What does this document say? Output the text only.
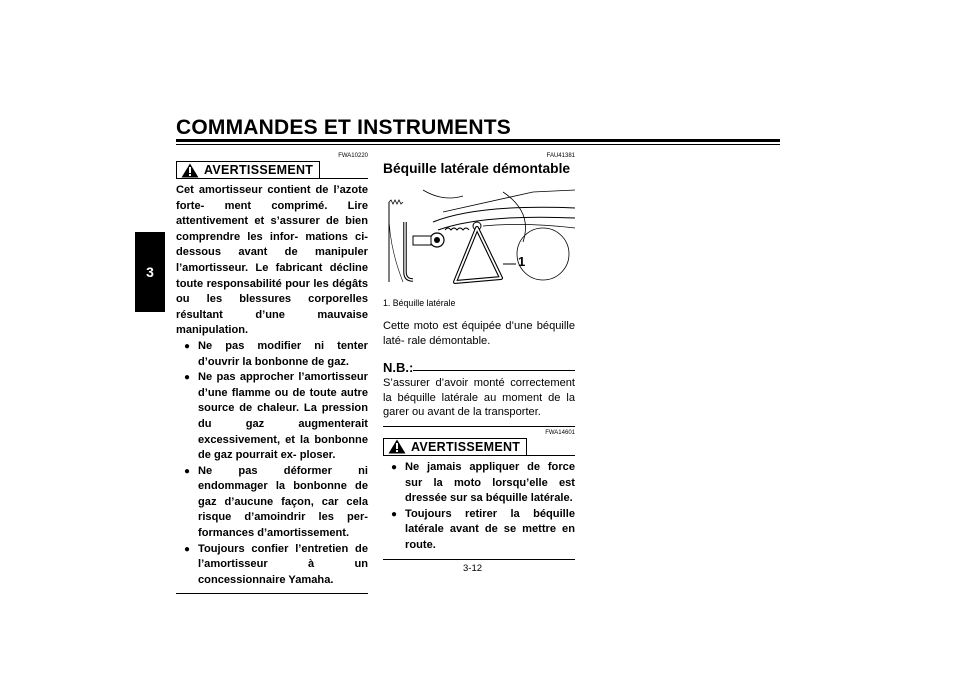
COMMANDES ET INSTRUMENTS
3
FWA10220
AVERTISSEMENT

Cet amortisseur contient de l’azote forte- ment comprimé. Lire attentivement et s’assurer de bien comprendre les infor- mations ci-dessous avant de manipuler l’amortisseur. Le fabricant décline toute responsabilité pour les dégâts ou les blessures corporelles résultant d’une mauvaise manipulation.

● Ne pas modifier ni tenter d’ouvrir la bonbonne de gaz.
● Ne pas approcher l’amortisseur d’une flamme ou de toute autre source de chaleur. La pression du gaz augmenterait excessivement, et la bonbonne de gaz pourrait ex- ploser.
● Ne pas déformer ni endommager la bonbonne de gaz d’aucune façon, car cela risque d’amoindrir les per- formances d’amortissement.
● Toujours confier l’entretien de l’amortisseur à un concessionnaire Yamaha.
FAU41381
Béquille latérale démontable
1
1. Béquille latérale

Cette moto est équipée d’une béquille laté- rale démontable.

N.B.:

S’assurer d’avoir monté correctement la béquille latérale au moment de la garer ou avant de la transporter.

FWA14601
AVERTISSEMENT
● Ne jamais appliquer de force sur la moto lorsqu’elle est dressée sur sa béquille latérale.
● Toujours retirer la béquille latérale avant de se mettre en route.
3-12
